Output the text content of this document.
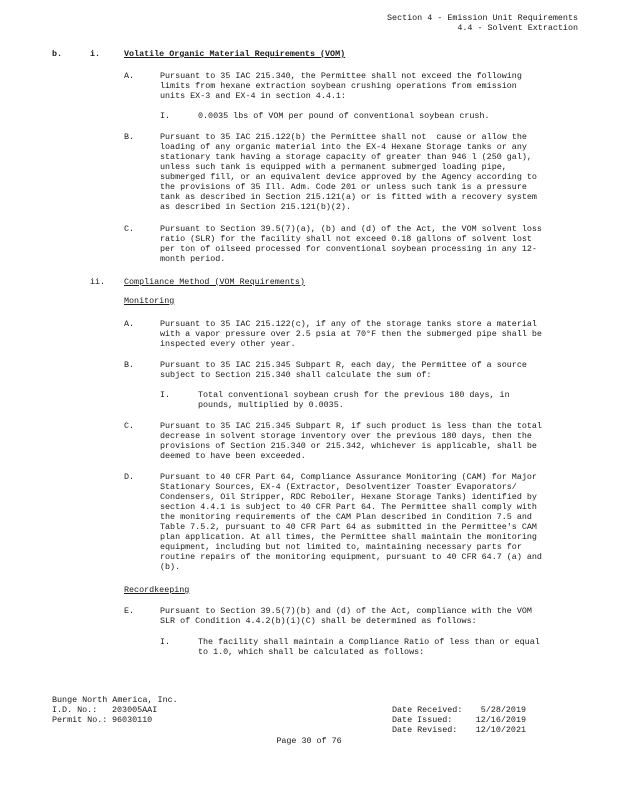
Section 4 - Emission Unit Requirements
4.4 - Solvent Extraction
b.	i.	Volatile Organic Material Requirements (VOM)
A.	Pursuant to 35 IAC 215.340, the Permittee shall not exceed the following
limits from hexane extraction soybean crushing operations from emission
units EX-3 and EX-4 in section 4.4.1:
I.	0.0035 lbs of VOM per pound of conventional soybean crush.
B.	Pursuant to 35 IAC 215.122(b) the Permittee shall not  cause or allow the
loading of any organic material into the EX-4 Hexane Storage tanks or any
stationary tank having a storage capacity of greater than 946 l (250 gal),
unless such tank is equipped with a permanent submerged loading pipe,
submerged fill, or an equivalent device approved by the Agency according to
the provisions of 35 Ill. Adm. Code 201 or unless such tank is a pressure
tank as described in Section 215.121(a) or is fitted with a recovery system
as described in Section 215.121(b)(2).
C.	Pursuant to Section 39.5(7)(a), (b) and (d) of the Act, the VOM solvent loss
ratio (SLR) for the facility shall not exceed 0.18 gallons of solvent lost
per ton of oilseed processed for conventional soybean processing in any 12-
month period.
ii. Compliance Method (VOM Requirements)
Monitoring
A.	Pursuant to 35 IAC 215.122(c), if any of the storage tanks store a material
with a vapor pressure over 2.5 psia at 70°F then the submerged pipe shall be
inspected every other year.
B.	Pursuant to 35 IAC 215.345 Subpart R, each day, the Permittee of a source
subject to Section 215.340 shall calculate the sum of:
I.	Total conventional soybean crush for the previous 180 days, in
pounds, multiplied by 0.0035.
C.	Pursuant to 35 IAC 215.345 Subpart R, if such product is less than the total
decrease in solvent storage inventory over the previous 180 days, then the
provisions of Section 215.340 or 215.342, whichever is applicable, shall be
deemed to have been exceeded.
D.	Pursuant to 40 CFR Part 64, Compliance Assurance Monitoring (CAM) for Major
Stationary Sources, EX-4 (Extractor, Desolventizer Toaster Evaporators/
Condensers, Oil Stripper, RDC Reboiler, Hexane Storage Tanks) identified by
section 4.4.1 is subject to 40 CFR Part 64. The Permittee shall comply with
the monitoring requirements of the CAM Plan described in Condition 7.5 and
Table 7.5.2, pursuant to 40 CFR Part 64 as submitted in the Permittee's CAM
plan application. At all times, the Permittee shall maintain the monitoring
equipment, including but not limited to, maintaining necessary parts for
routine repairs of the monitoring equipment, pursuant to 40 CFR 64.7 (a) and
(b).
Recordkeeping
E.	Pursuant to Section 39.5(7)(b) and (d) of the Act, compliance with the VOM
SLR of Condition 4.4.2(b)(i)(C) shall be determined as follows:
I.	The facility shall maintain a Compliance Ratio of less than or equal
to 1.0, which shall be calculated as follows:
Bunge North America, Inc.
I.D. No.: 203005AAI
Permit No.: 96030110
Date Received: 5/28/2019
Date Issued:	12/16/2019
Date Revised: 12/10/2021
Page 30 of 76
